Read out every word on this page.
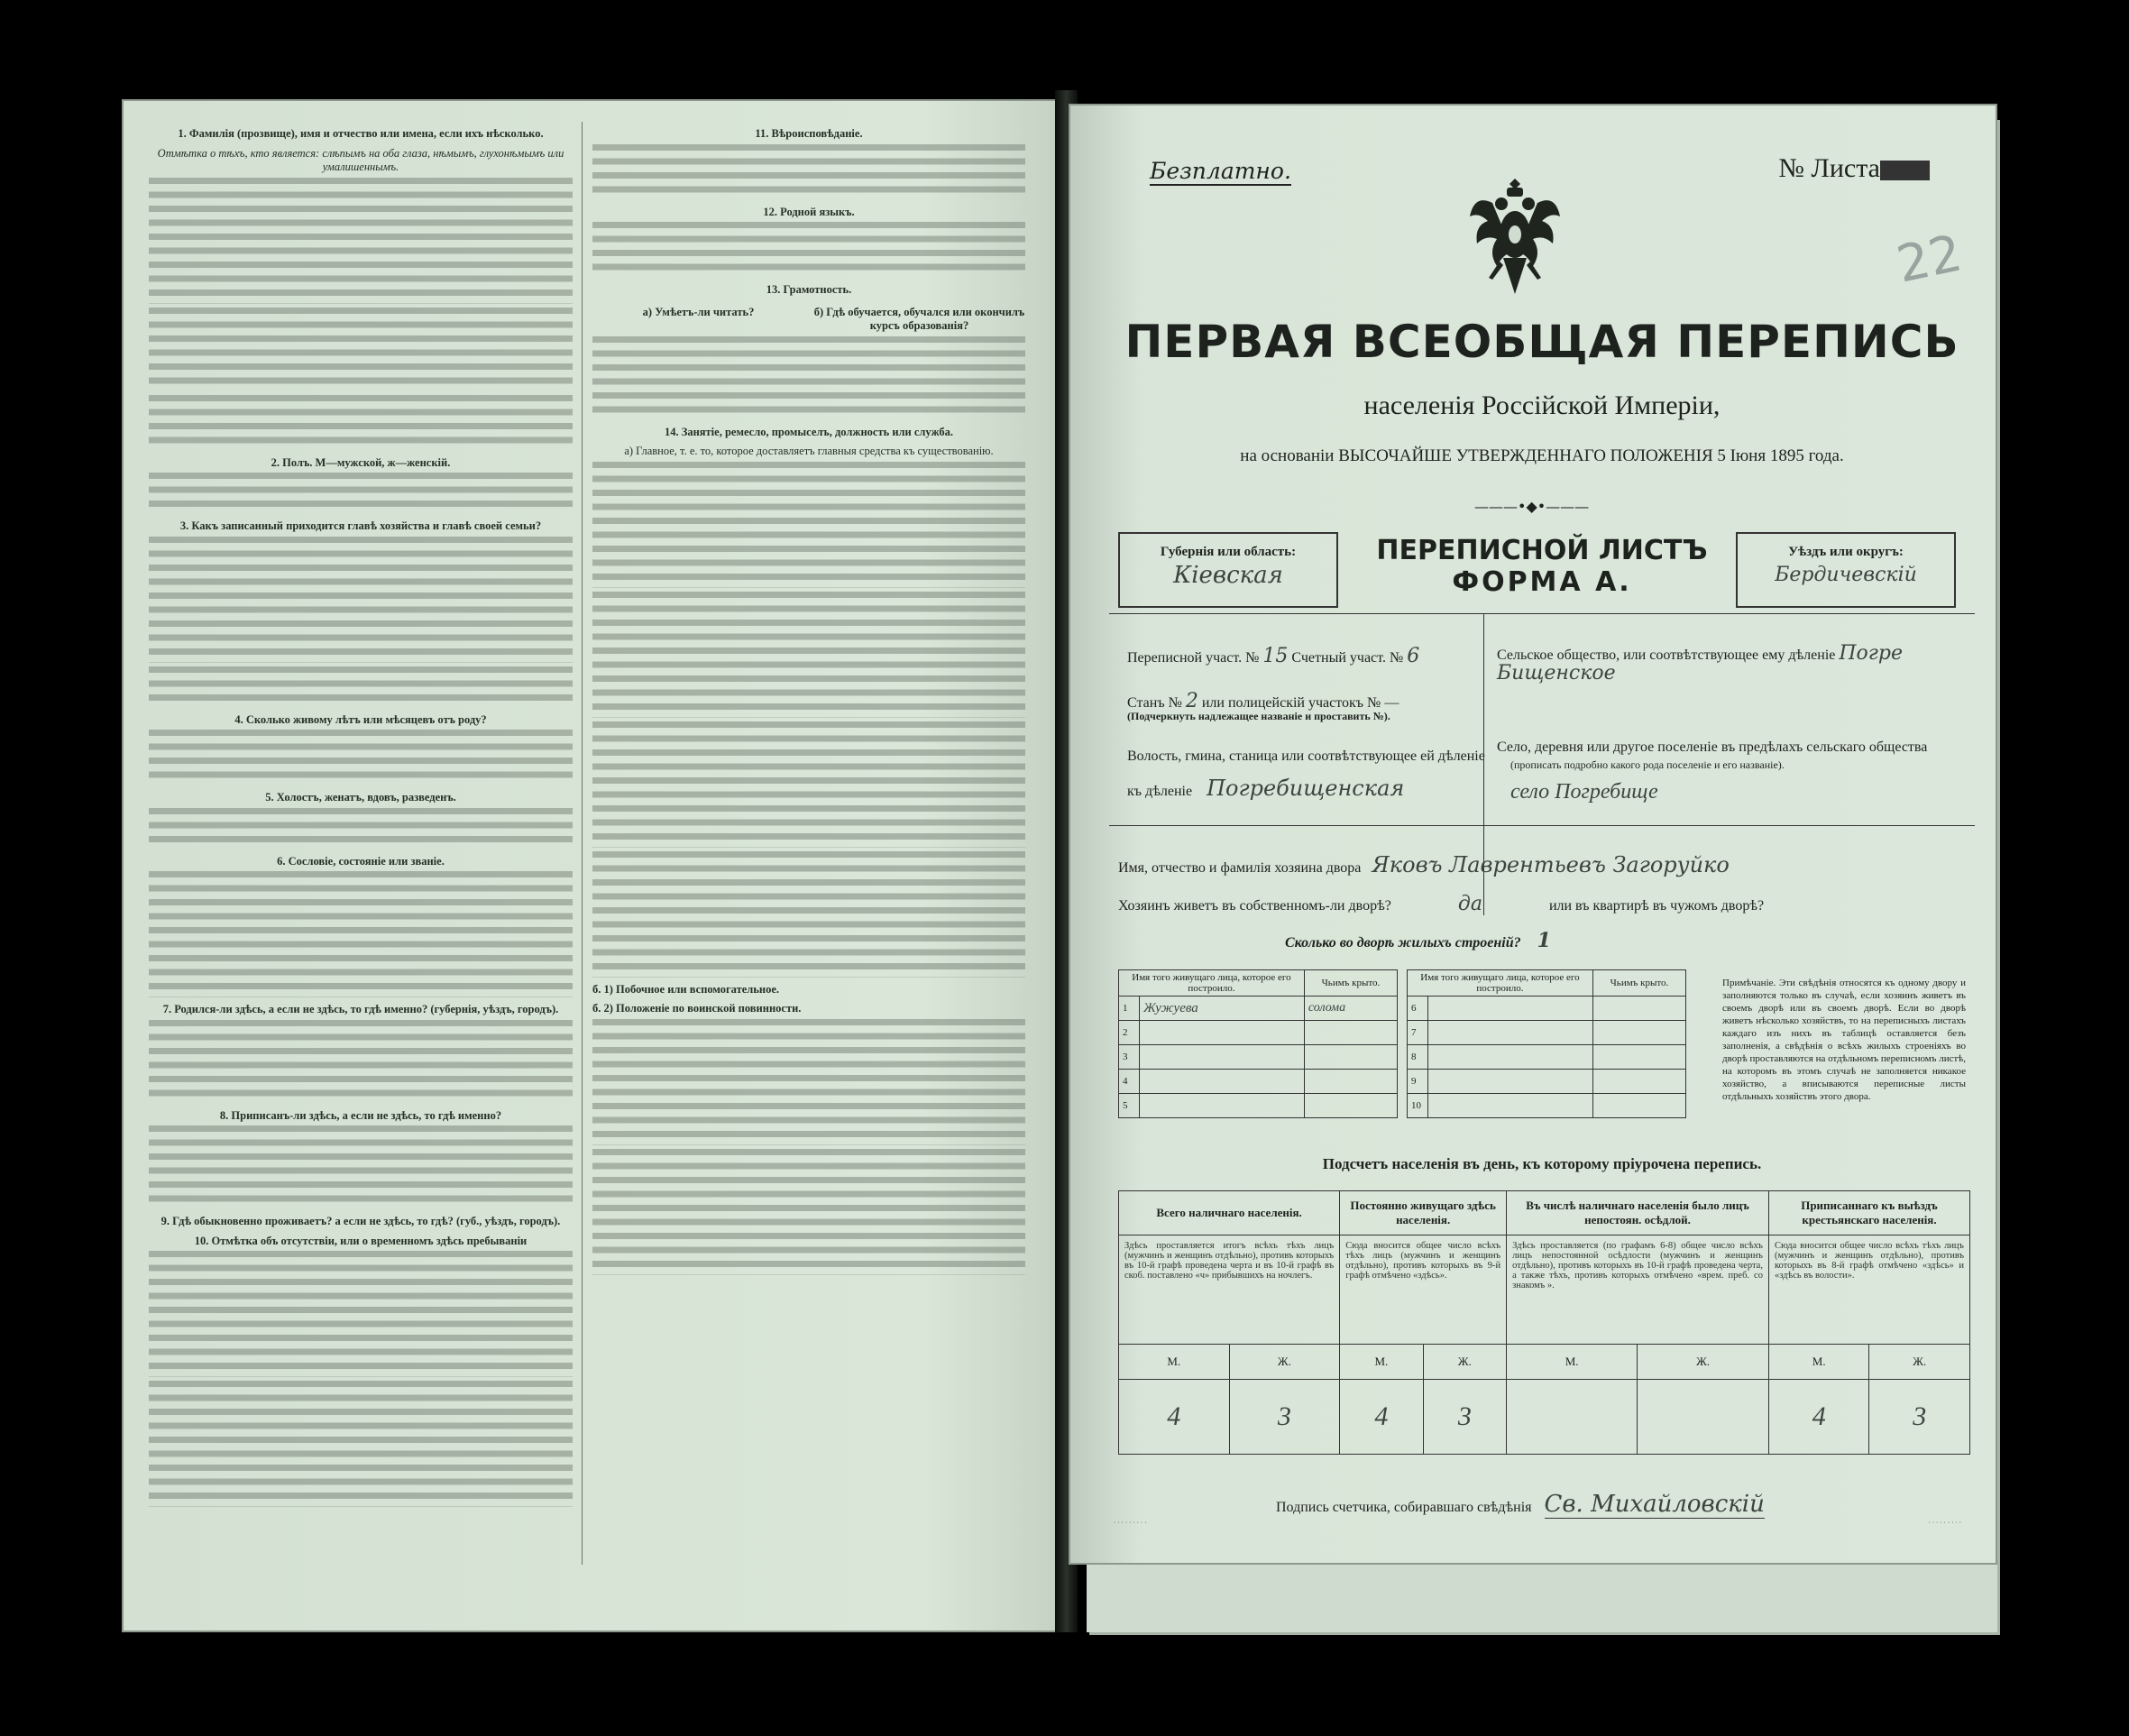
1. Фамилія (прозвище), имя и отчество или имена, если ихъ нѣсколько.
Отмѣтка о тѣхъ, кто является: слѣпымъ на оба глаза, нѣмымъ, глухонѣмымъ или умалишеннымъ.
2. Полъ. М—мужской, ж—женскій.
3. Какъ записанный приходится главѣ хозяйства и главѣ своей семьи?
4. Сколько живому лѣтъ или мѣсяцевъ отъ роду?
5. Холостъ, женатъ, вдовъ, разведенъ.
6. Сословіе, состояніе или званіе.
7. Родился-ли здѣсь, а если не здѣсь, то гдѣ именно? (губернія, уѣздъ, городъ).
8. Приписанъ-ли здѣсь, а если не здѣсь, то гдѣ именно?
9. Гдѣ обыкновенно проживаетъ? а если не здѣсь, то гдѣ? (губ., уѣздъ, городъ).
10. Отмѣтка объ отсутствіи, или о временномъ здѣсь пребываніи
11. Вѣроисповѣданіе.
12. Родной языкъ.
13. Грамотность.
а) Умѣетъ-ли читать?	б) Гдѣ обучается, обучался или окончилъ курсъ образованія?
14. Занятіе, ремесло, промыселъ, должность или служба.
а) Главное, т. е. то, которое доставляетъ главныя средства къ существованію.
б. 1) Побочное или вспомогательное.
б. 2) Положеніе по воинской повинности.
Безплатно.	№ Листа
22
ПЕРВАЯ ВСЕОБЩАЯ ПЕРЕПИСЬ
населенія Россійской Имперіи,
на основаніи ВЫСОЧАЙШЕ УТВЕРЖДЕННАГО ПОЛОЖЕНІЯ 5 Іюня 1895 года.
———•◆•———
Губернія или область:
Кіевская
ПЕРЕПИСНОЙ ЛИСТЪ
ФОРМА А.
Уѣздъ или округъ:
Бердичевскій
Переписной участ. № 15 Счетный участ. № 6
Станъ № 2 или полицейскій участокъ № —
(Подчеркнуть надлежащее названіе и проставить №).
Волость, гмина, станица или соотвѣтствующее ей дѣленіе
къ дѣленіе Погребищенская
Сельское общество, или соотвѣтствующее ему дѣленіе Погре Бищенское
Село, деревня или другое поселеніе въ предѣлахъ сельскаго общества
(прописать подробно какого рода поселеніе и его названіе).
село Погребище
Имя, отчество и фамилія хозяина двора Яковъ Лаврентьевъ Загоруйко
Хозяинъ живетъ въ собственномъ-ли дворѣ?	да	или въ квартирѣ въ чужомъ дворѣ?
Сколько во дворѣ жилыхъ строеній? 1
Имя того живущаго лица, которое его построило.		Чьимъ крыто.
1	Жужуева	солома
2		
3		
4		
5		
Имя того живущаго лица, которое его построило.		Чьимъ крыто.
6		
7		
8		
9		
10		
Примѣчаніе. Эти свѣдѣнія относятся къ одному двору и заполняются только въ случаѣ, если хозяинъ живетъ въ своемъ дворѣ или въ своемъ дворѣ. Если во дворѣ живетъ нѣсколько хозяйствъ, то на переписныхъ листахъ каждаго изъ нихъ въ таблицѣ оставляется безъ заполненія, а свѣдѣнія о всѣхъ жилыхъ строеніяхъ во дворѣ проставляются на отдѣльномъ переписномъ листѣ, на которомъ въ этомъ случаѣ не заполняется никакое хозяйство, а вписываются переписные листы отдѣльныхъ хозяйствъ этого двора.
Подсчетъ населенія въ день, къ которому пріурочена перепись.
Всего наличнаго населенія.		Постоянно живущаго здѣсь населенія.		Въ числѣ наличнаго населенія было лицъ непостоян. осѣдлой.		Приписаннаго къ выѣздъ крестьянскаго населенія.	
Здѣсь проставляется итогъ всѣхъ тѣхъ лицъ (мужчинъ и женщинъ отдѣльно), противъ которыхъ въ 10-й графѣ проведена черта и въ 10-й графѣ въ скоб. поставлено «ч» прибывшихъ на ночлегъ.		Сюда вносится общее число всѣхъ тѣхъ лицъ (мужчинъ и женщинъ отдѣльно), противъ которыхъ въ 9-й графѣ отмѣчено «здѣсь».		Здѣсь проставляется (по графамъ 6-8) общее число всѣхъ лицъ непостоянной осѣдлости (мужчинъ и женщинъ отдѣльно), противъ которыхъ въ 10-й графѣ проведена черта, а также тѣхъ, противъ которыхъ отмѣчено «врем. преб. со знакомъ ».		Сюда вносится общее число всѣхъ тѣхъ лицъ (мужчинъ и женщинъ отдѣльно), противъ которыхъ въ 8-й графѣ отмѣчено «здѣсь» и «здѣсь въ волости».	
М.	Ж.	М.	Ж.	М.	Ж.	М.	Ж.
4	3	4	3			4	3
Подпись счетчика, собиравшаго свѣдѣнія Св. Михайловскій
· · · · · · · · ·	· · · · · · · · ·
